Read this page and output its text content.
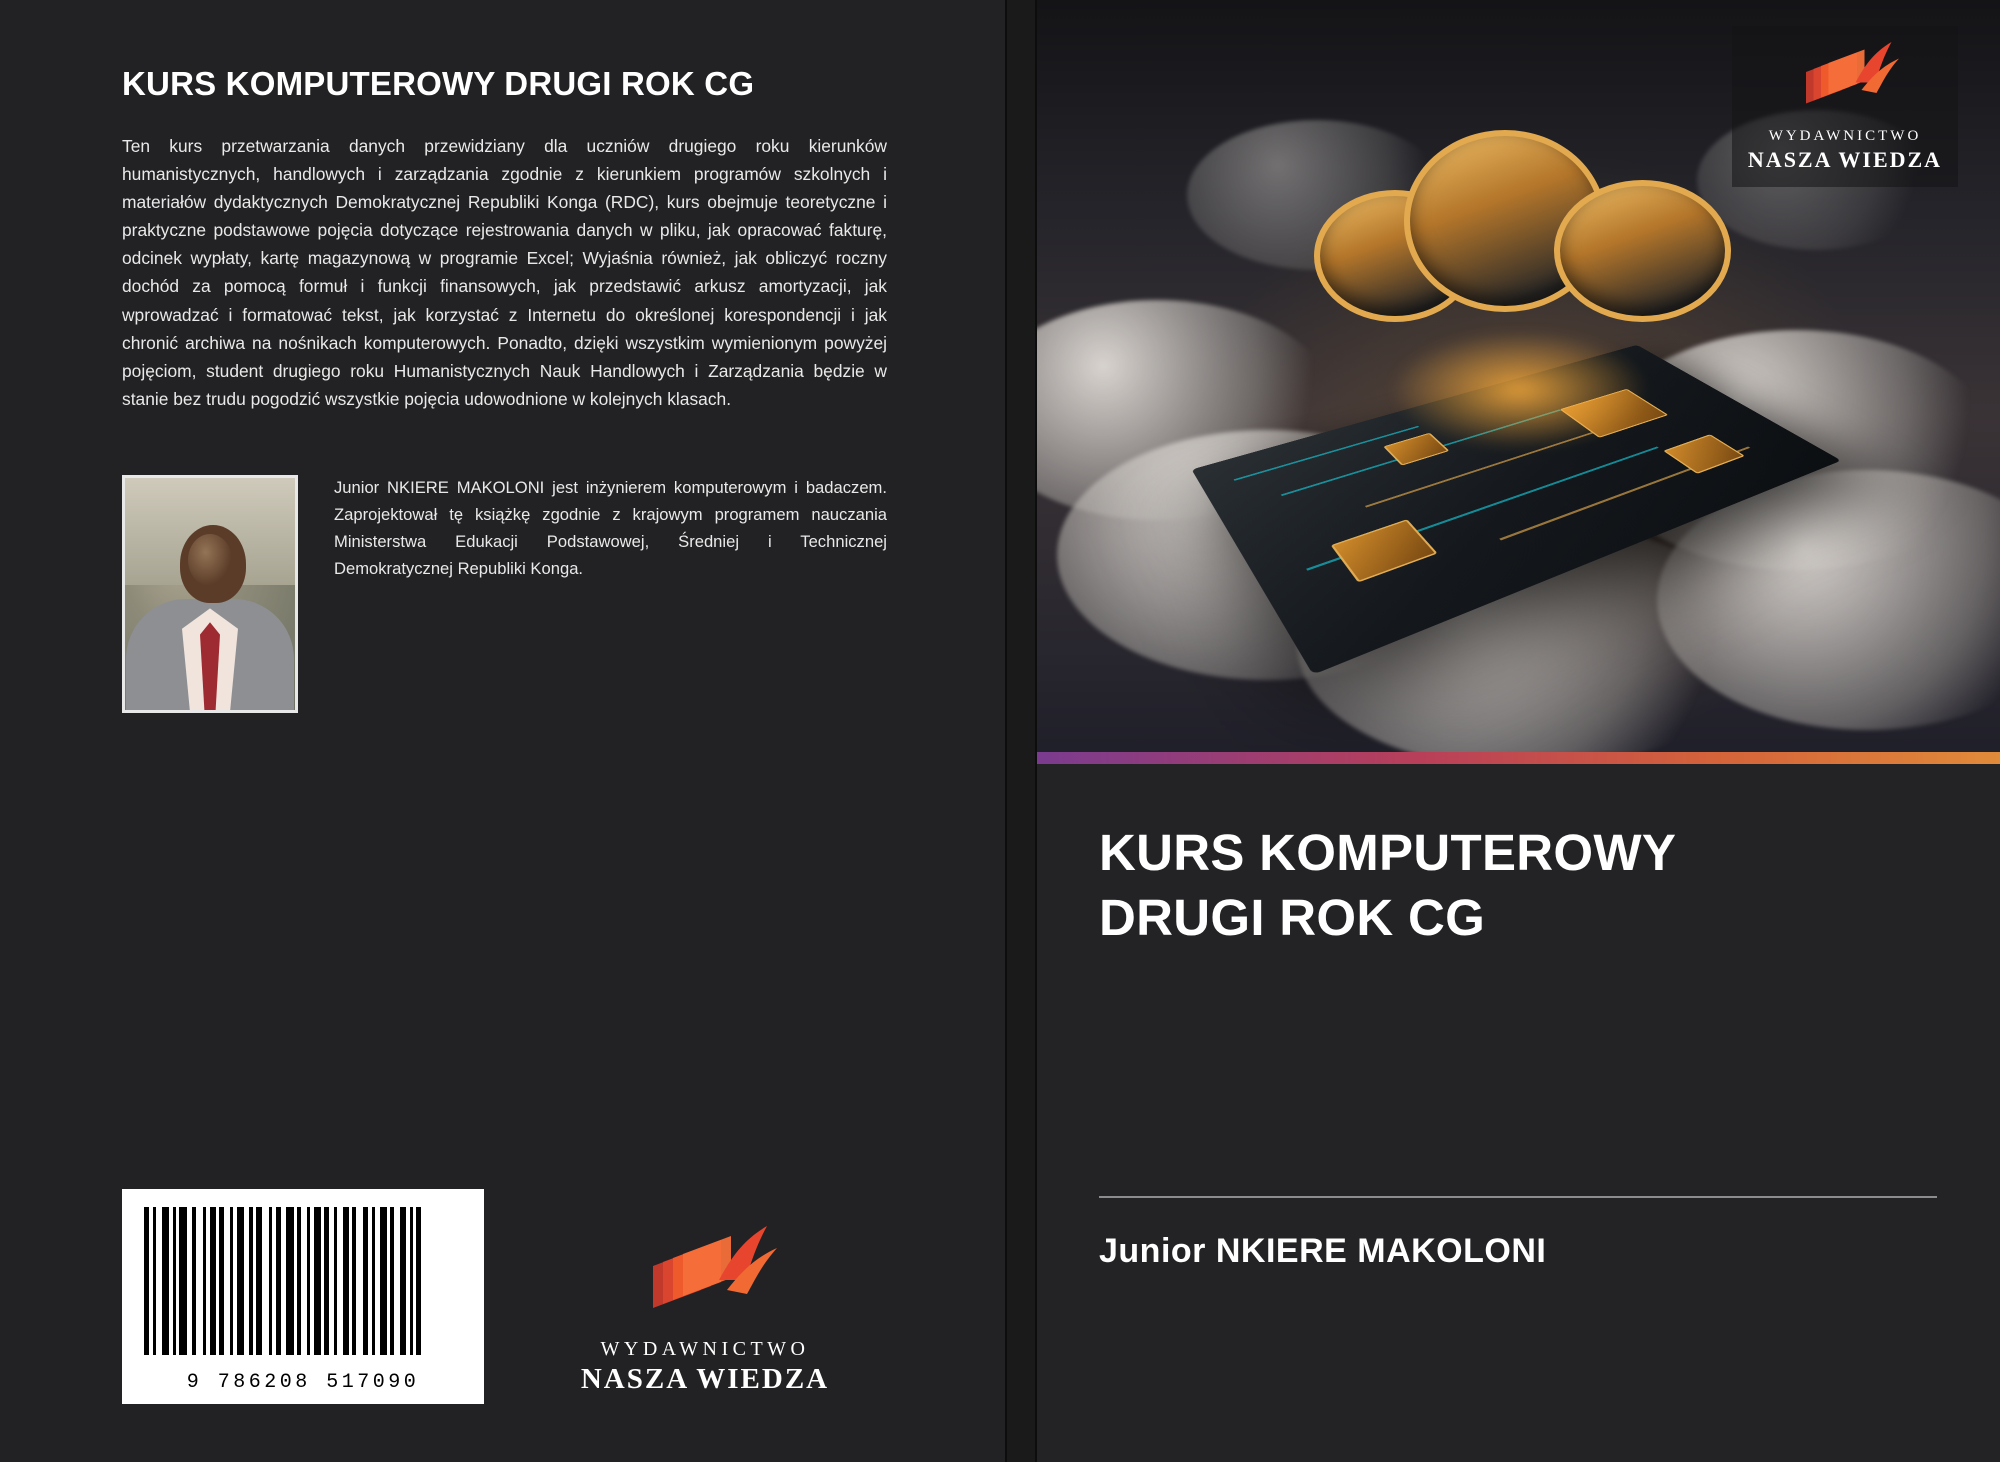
KURS KOMPUTEROWY DRUGI ROK CG

Ten kurs przetwarzania danych przewidziany dla uczniów drugiego roku kierunków humanistycznych, handlowych i zarządzania zgodnie z kierunkiem programów szkolnych i materiałów dydaktycznych Demokratycznej Republiki Konga (RDC), kurs obejmuje teoretyczne i praktyczne podstawowe pojęcia dotyczące rejestrowania danych w pliku, jak opracować fakturę, odcinek wypłaty, kartę magazynową w programie Excel; Wyjaśnia również, jak obliczyć roczny dochód za pomocą formuł i funkcji finansowych, jak przedstawić arkusz amortyzacji, jak wprowadzać i formatować tekst, jak korzystać z Internetu do określonej korespondencji i jak chronić archiwa na nośnikach komputerowych. Ponadto, dzięki wszystkim wymienionym powyżej pojęciom, student drugiego roku Humanistycznych Nauk Handlowych i Zarządzania będzie w stanie bez trudu pogodzić wszystkie pojęcia udowodnione w kolejnych klasach.

Junior NKIERE MAKOLONI jest inżynierem komputerowym i badaczem. Zaprojektował tę książkę zgodnie z krajowym programem nauczania Ministerstwa Edukacji Podstawowej, Średniej i Technicznej Demokratycznej Republiki Konga.
9 786208 517090
WYDAWNICTWO
NASZA WIEDZA
WYDAWNICTWO
NASZA WIEDZA
KURS KOMPUTEROWY
DRUGI ROK CG
Junior NKIERE MAKOLONI
